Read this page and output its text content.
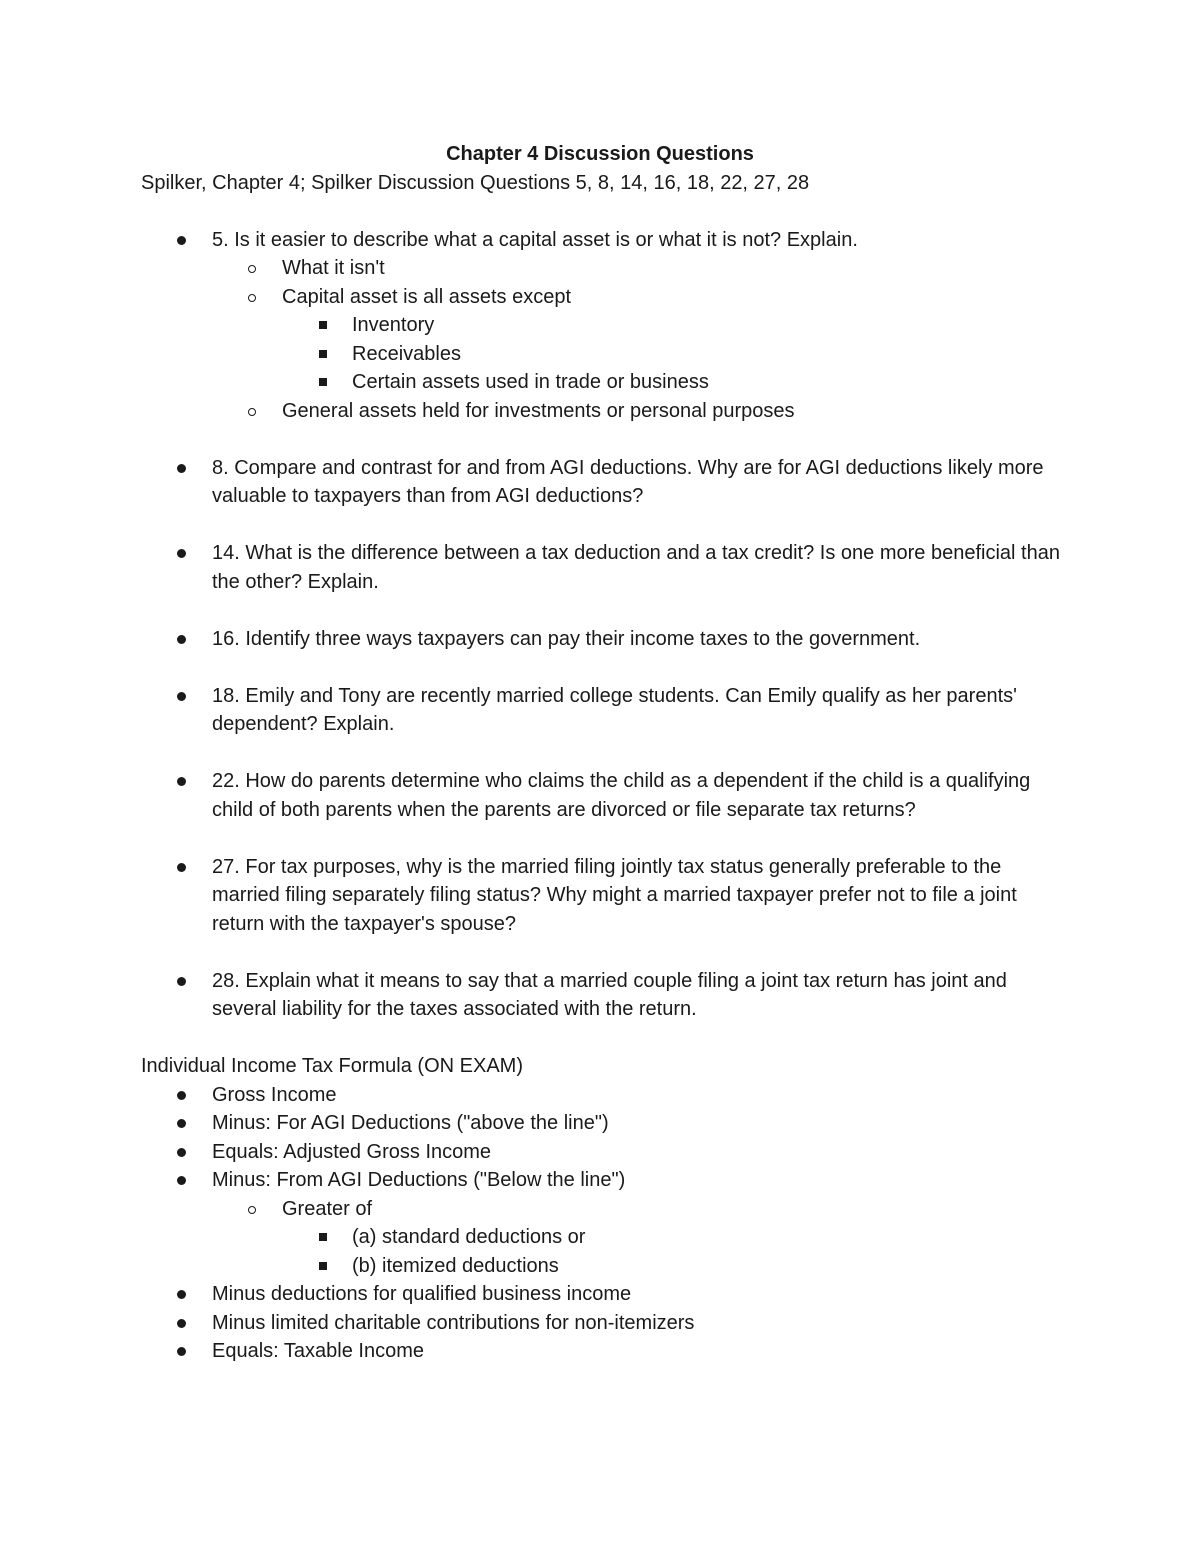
Chapter 4 Discussion Questions

Spilker, Chapter 4; Spilker Discussion Questions 5, 8, 14, 16, 18, 22, 27, 28

5. Is it easier to describe what a capital asset is or what it is not? Explain.
What it isn't
Capital asset is all assets except
Inventory
Receivables
Certain assets used in trade or business
General assets held for investments or personal purposes
8. Compare and contrast for and from AGI deductions. Why are for AGI deductions likely more valuable to taxpayers than from AGI deductions?
14. What is the difference between a tax deduction and a tax credit? Is one more beneficial than the other? Explain.
16. Identify three ways taxpayers can pay their income taxes to the government.
18. Emily and Tony are recently married college students. Can Emily qualify as her parents' dependent? Explain.
22. How do parents determine who claims the child as a dependent if the child is a qualifying child of both parents when the parents are divorced or file separate tax returns?
27. For tax purposes, why is the married filing jointly tax status generally preferable to the married filing separately filing status? Why might a married taxpayer prefer not to file a joint return with the taxpayer's spouse?
28. Explain what it means to say that a married couple filing a joint tax return has joint and several liability for the taxes associated with the return.

Individual Income Tax Formula (ON EXAM)

Gross Income
Minus: For AGI Deductions ("above the line")
Equals: Adjusted Gross Income
Minus: From AGI Deductions ("Below the line")
Greater of
(a) standard deductions or
(b) itemized deductions
Minus deductions for qualified business income
Minus limited charitable contributions for non-itemizers
Equals: Taxable Income
